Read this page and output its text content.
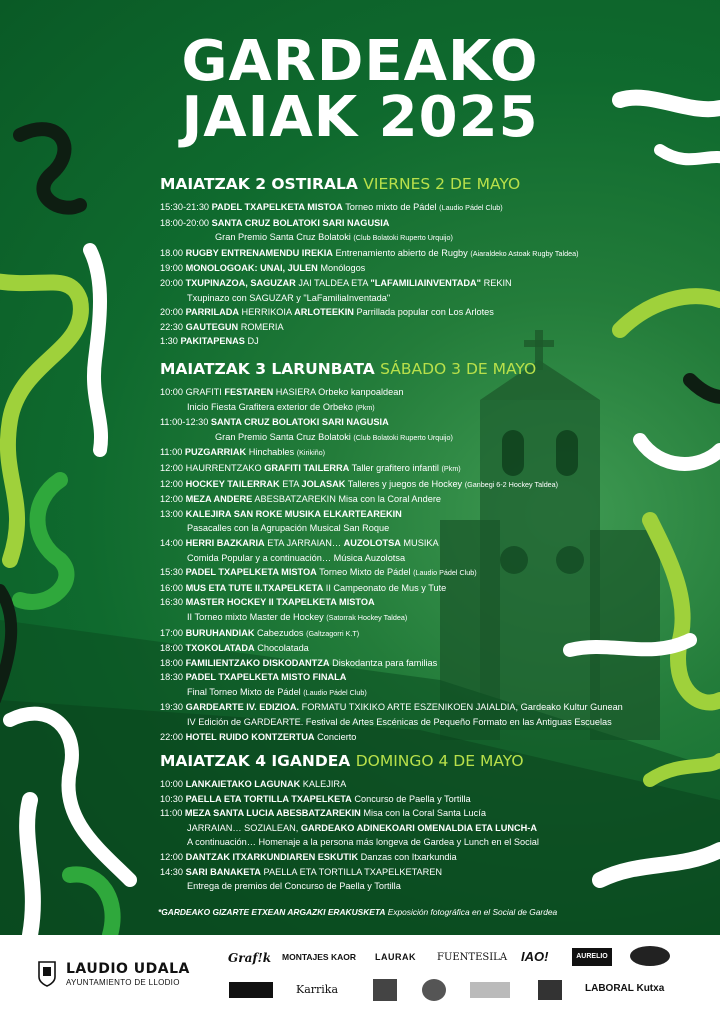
GARDEAKO
JAIAK 2025
MAIATZAK 2 OSTIRALA VIERNES 2 DE MAYO
15:30-21:30 PADEL TXAPELKETA MISTOA Torneo mixto de Pádel (Laudio Pádel Club)
18:00-20:00 SANTA CRUZ BOLATOKI SARI NAGUSIA
Gran Premio Santa Cruz Bolatoki (Club Bolatoki Ruperto Urquijo)
18.00 RUGBY ENTRENAMENDU IREKIA Entrenamiento abierto de Rugby (Aiaraldeko Astoak Rugby Taldea)
19:00 MONOLOGOAK: UNAI, JULEN Monólogos
20:00 TXUPINAZOA, SAGUZAR JAI TALDEA ETA "LAFAMILIAINVENTADA" REKIN
Txupinazo con SAGUZAR y "LaFamiliaInventada"
20:00 PARRILADA HERRIKOIA ARLOTEEKIN Parrillada popular con Los Arlotes
22:30 GAUTEGUN ROMERIA
1:30 PAKITAPENAS DJ
MAIATZAK 3 LARUNBATA SÁBADO 3 DE MAYO
10:00 GRAFITI FESTAREN HASIERA Orbeko kanpoaldean
Inicio Fiesta Grafitera exterior de Orbeko (Pkm)
11:00-12:30 SANTA CRUZ BOLATOKI SARI NAGUSIA
Gran Premio Santa Cruz Bolatoki (Club Bolatoki Ruperto Urquijo)
11:00 PUZGARRIAK Hinchables (Kirikiño)
12:00 HAURRENTZAKO GRAFITI TAILERRA Taller grafitero infantil (Pkm)
12:00 HOCKEY TAILERRAK ETA JOLASAK Talleres y juegos de Hockey (Ganbegi 6-2 Hockey Taldea)
12:00 MEZA ANDERE ABESBATZAREKIN Misa con la Coral Andere
13:00 KALEJIRA SAN ROKE MUSIKA ELKARTEAREKIN
Pasacalles con la Agrupación Musical San Roque
14:00 HERRI BAZKARIA ETA JARRAIAN… AUZOLOTSA MUSIKA
Comida Popular y a continuación… Música Auzolotsa
15:30 PADEL TXAPELKETA MISTOA Torneo Mixto de Pádel (Laudio Pádel Club)
16:00 MUS ETA TUTE II.TXAPELKETA II Campeonato de Mus y Tute
16:30 MASTER HOCKEY II TXAPELKETA MISTOA
II Torneo mixto Master de Hockey (Satorrak Hockey Taldea)
17:00 BURUHANDIAK Cabezudos (Galtzagorri K.T)
18:00 TXOKOLATADA Chocolatada
18:00 FAMILIENTZAKO DISKODANTZA Diskodantza para familias
18:30 PADEL TXAPELKETA MISTO FINALA
Final Torneo Mixto de Pádel (Laudio Pádel Club)
19:30 GARDEARTE IV. EDIZIOA. FORMATU TXIKIKO ARTE ESZENIKOEN JAIALDIA, Gardeako Kultur Gunean
IV Edición de GARDEARTE. Festival de Artes Escénicas de Pequeño Formato en las Antiguas Escuelas
22:00 HOTEL RUIDO KONTZERTUA Concierto
MAIATZAK 4 IGANDEA DOMINGO 4 DE MAYO
10:00 LANKAIETAKO LAGUNAK KALEJIRA
10:30 PAELLA ETA TORTILLA TXAPELKETA Concurso de Paella y Tortilla
11:00 MEZA SANTA LUCIA ABESBATZAREKIN Misa con la Coral Santa Lucía
JARRAIAN… SOZIALEAN, GARDEAKO ADINEKOARI OMENALDIA ETA LUNCH-A
A continuación… Homenaje a la persona más longeva de Gardea y Lunch en el Social
12:00 DANTZAK ITXARKUNDIAREN ESKUTIK Danzas con Itxarkundia
14:30 SARI BANAKETA PAELLA ETA TORTILLA TXAPELKETAREN
Entrega de premios del Concurso de Paella y Tortilla
*GARDEAKO GIZARTE ETXEAN ARGAZKI ERAKUSKETA Exposición fotográfica en el Social de Gardea
LAUDIO UDALA
AYUNTAMIENTO DE LLODIO
Graf!k MONTAJES KAOR LAURAK FUENTESILA IAO!	AURELIO
Karrika	LABORAL Kutxa
